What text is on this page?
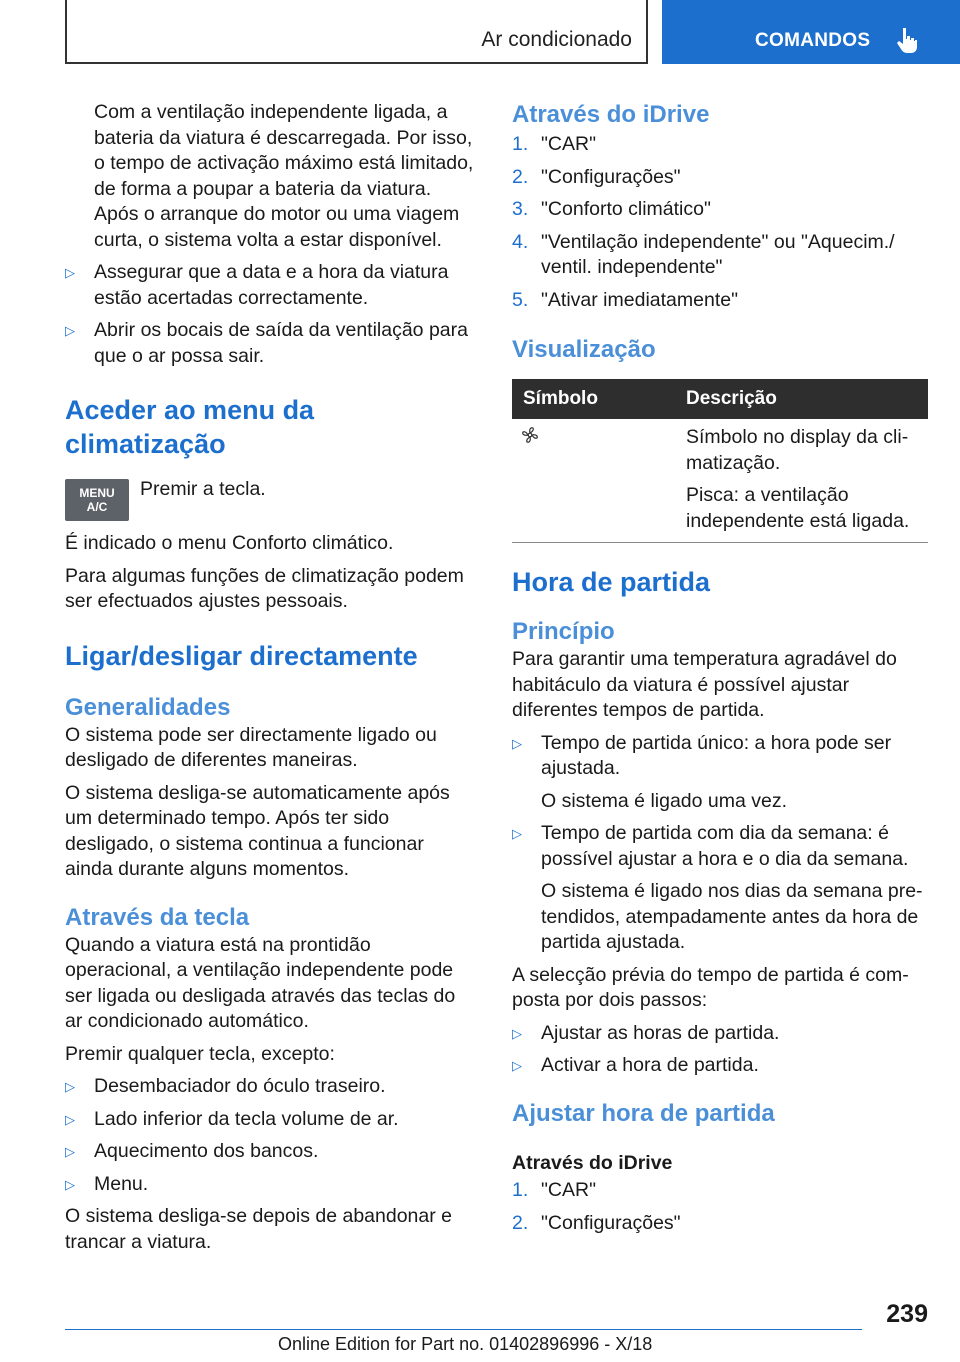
Ar condicionado	COMANDOS

Com a ventilação independente ligada, a bateria da viatura é descarregada. Por isso, o tempo de activação máximo está limitado, de forma a poupar a bateria da viatura. Após o arranque do motor ou uma viagem curta, o sistema volta a estar disponível.

▷ Assegurar que a data e a hora da viatura estão acertadas correctamente.

▷ Abrir os bocais de saída da ventilação para que o ar possa sair.

Aceder ao menu da climatização
MENU
A/C

Premir a tecla.

É indicado o menu Conforto climático.

Para algumas funções de climatização podem ser efectuados ajustes pessoais.

Ligar/desligar directamente
Generalidades

O sistema pode ser directamente ligado ou desligado de diferentes maneiras.

O sistema desliga-se automaticamente após um determinado tempo. Após ter sido desligado, o sistema continua a funcionar ainda durante alguns momentos.

Através da tecla

Quando a viatura está na prontidão operacional, a ventilação independente pode ser ligada ou desligada através das teclas do ar condicionado automático.

Premir qualquer tecla, excepto:

▷ Desembaciador do óculo traseiro.

▷ Lado inferior da tecla volume de ar.

▷ Aquecimento dos bancos.

▷ Menu.

O sistema desliga-se depois de abandonar e trancar a viatura.

Através do iDrive
1. "CAR"

2. "Configurações"

3. "Conforto climático"

4. "Ventilação independente" ou "Aquecim./ ventil. independente"

5. "Ativar imediatamente"

Visualização
Símbolo	Descrição

Símbolo no display da climatização.

Pisca: a ventilação independente está ligada.

Hora de partida
Princípio

Para garantir uma temperatura agradável do habitáculo da viatura é possível ajustar diferentes tempos de partida.

▷ Tempo de partida único: a hora pode ser ajustada.

O sistema é ligado uma vez.

▷ Tempo de partida com dia da semana: é possível ajustar a hora e o dia da semana.

O sistema é ligado nos dias da semana pretendidos, atempadamente antes da hora de partida ajustada.

A selecção prévia do tempo de partida é composta por dois passos:

▷ Ajustar as horas de partida.

▷ Activar a hora de partida.

Ajustar hora de partida
Através do iDrive
1. "CAR"

2. "Configurações"

239
Online Edition for Part no. 01402896996 - X/18
